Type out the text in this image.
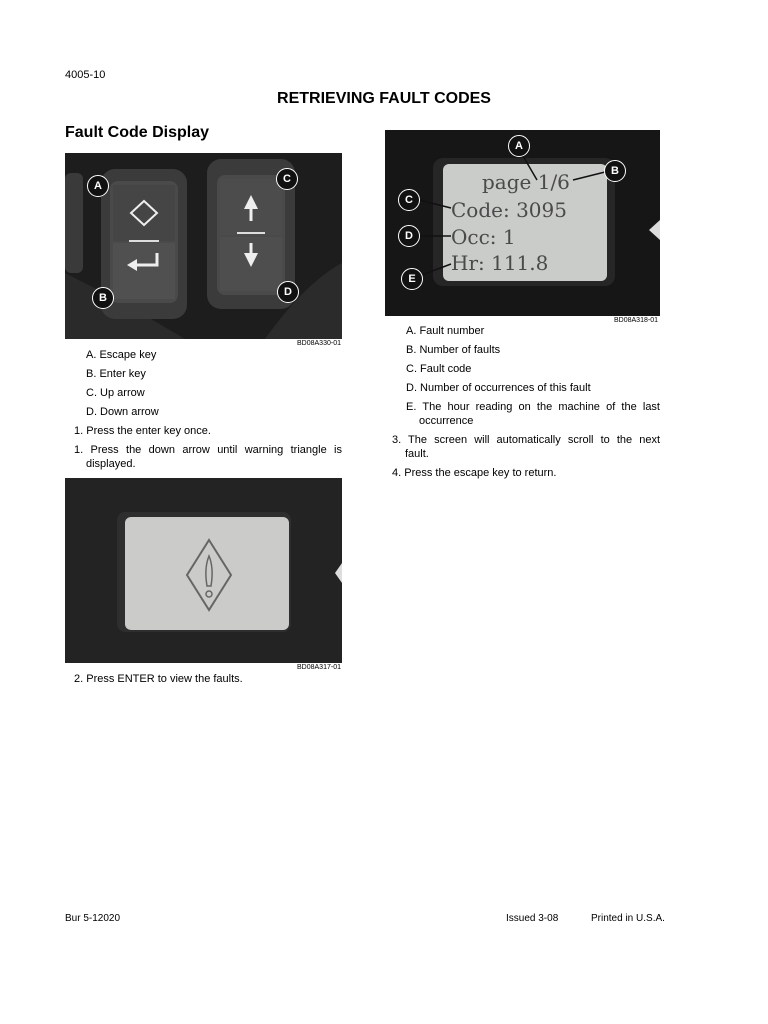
4005-10
RETRIEVING FAULT CODES
Fault Code Display
A
B
C
D
BD08A330-01
A. Escape key
B. Enter key
C. Up arrow
D. Down arrow
1. Press the enter key once.
1. Press the down arrow until warning triangle is
displayed.
BD08A317-01
2. Press ENTER to view the faults.
page 1/6
Code: 3095
Occ: 1
Hr: 111.8
A
B
C
D
E
BD08A318-01
A. Fault number
B. Number of faults
C. Fault code
D. Number of occurrences of this fault
E. The hour reading on the machine of the last
occurrence
3. The screen will automatically scroll to the next
fault.
4. Press the escape key to return.
Bur 5-12020	Issued 3-08	Printed in U.S.A.
